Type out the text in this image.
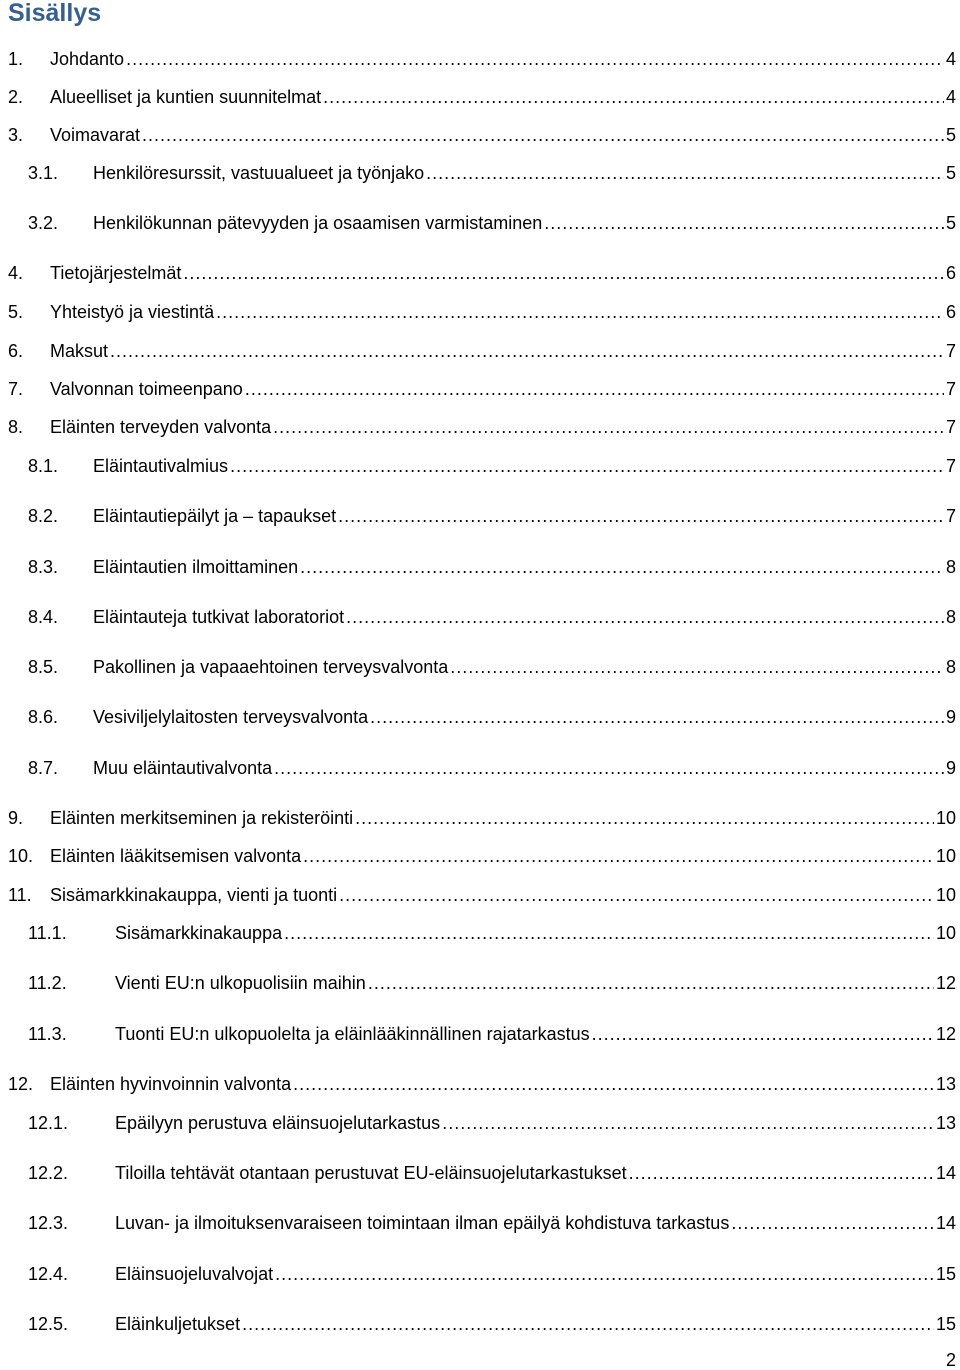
Sisällys
1. Johdanto .....	4
2. Alueelliset ja kuntien suunnitelmat .....	4
3. Voimavarat .....	5
3.1. Henkilöresurssit, vastuualueet ja työnjako .....	5
3.2. Henkilökunnan pätevyyden ja osaamisen varmistaminen .....	5
4. Tietojärjestelmät .....	6
5. Yhteistyö ja viestintä .....	6
6. Maksut .....	7
7. Valvonnan toimeenpano .....	7
8. Eläinten terveyden valvonta .....	7
8.1. Eläintautivalmius .....	7
8.2. Eläintautiepäilyt ja – tapaukset .....	7
8.3. Eläintautien ilmoittaminen .....	8
8.4. Eläintauteja tutkivat laboratoriot .....	8
8.5. Pakollinen ja vapaaehtoinen terveysvalvonta .....	8
8.6. Vesiviljelylaitosten terveysvalvonta .....	9
8.7. Muu eläintautivalvonta .....	9
9. Eläinten merkitseminen ja rekisteröinti .....	10
10. Eläinten lääkitsemisen valvonta .....	10
11. Sisämarkkinakauppa, vienti ja tuonti .....	10
11.1.	Sisämarkkinakauppa .....	10
11.2.	Vienti EU:n ulkopuolisiin maihin .....	12
11.3.	Tuonti EU:n ulkopuolelta ja eläinlääkinnällinen rajatarkastus .....	12
12. Eläinten hyvinvoinnin valvonta .....	13
12.1.	Epäilyyn perustuva eläinsuojelutarkastus .....	13
12.2.	Tiloilla tehtävät otantaan perustuvat EU-eläinsuojelutarkastukset .....	14
12.3.	Luvan- ja ilmoituksenvaraiseen toimintaan ilman epäilyä kohdistuva tarkastus .....	14
12.4.	Eläinsuojeluvalvojat .....	15
12.5.	Eläinkuljetukset .....	15
2
